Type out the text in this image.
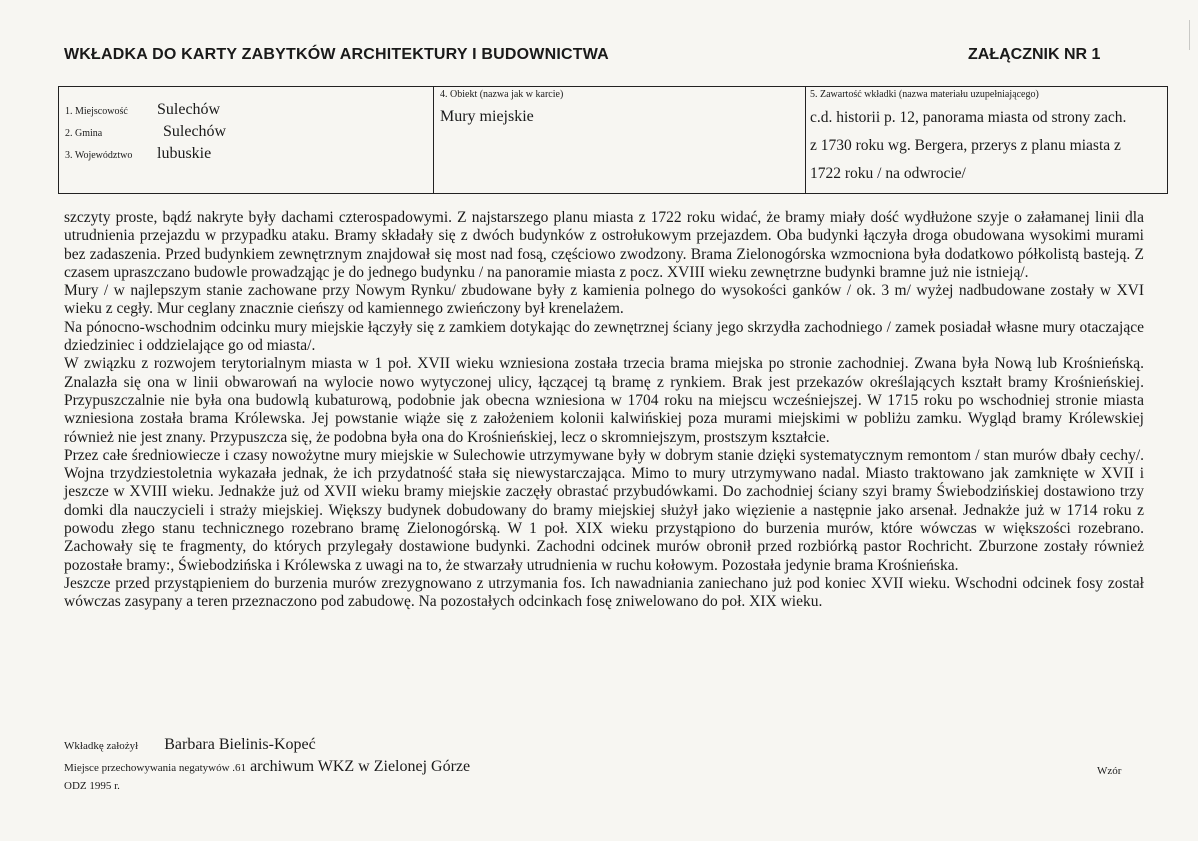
WKŁADKA DO KARTY ZABYTKÓW ARCHITEKTURY I BUDOWNICTWA	ZAŁĄCZNIK NR 1
1. Miejscowość	Sulechów
2. Gmina	Sulechów
3. Województwo	lubuskie
4. Obiekt (nazwa jak w karcie)
Mury miejskie
5. Zawartość wkładki (nazwa materiału uzupełniającego)
c.d. historii p. 12, panorama miasta od strony zach.
z 1730 roku wg. Bergera, przerys z planu miasta z
1722 roku / na odwrocie/

szczyty proste, bądź nakryte były dachami czterospadowymi. Z najstarszego planu miasta z 1722 roku widać, że bramy miały dość wydłużone szyje o załamanej linii dla utrudnienia przejazdu w przypadku ataku. Bramy składały się z dwóch budynków z ostrołukowym przejazdem. Oba budynki łączyła droga obudowana wysokimi murami bez zadaszenia. Przed budynkiem zewnętrznym znajdował się most nad fosą, częściowo zwodzony. Brama Zielonogórska wzmocniona była dodatkowo półkolistą basteją. Z czasem upraszczano budowle prowadząjąc je do jednego budynku / na panoramie miasta z pocz. XVIII wieku zewnętrzne budynki bramne już nie istnieją/.

Mury / w najlepszym stanie zachowane przy Nowym Rynku/ zbudowane były z kamienia polnego do wysokości ganków / ok. 3 m/ wyżej nadbudowane zostały w XVI wieku z cegły. Mur ceglany znacznie cieńszy od kamiennego zwieńczony był krenelażem.

Na pónocno-wschodnim odcinku mury miejskie łączyły się z zamkiem dotykając do zewnętrznej ściany jego skrzydła zachodniego / zamek posiadał własne mury otaczające dziedziniec i oddzielające go od miasta/.

W związku z rozwojem terytorialnym miasta w 1 poł. XVII wieku wzniesiona została trzecia brama miejska po stronie zachodniej. Zwana była Nową lub Krośnieńską. Znalazła się ona w linii obwarowań na wylocie nowo wytyczonej ulicy, łączącej tą bramę z rynkiem. Brak jest przekazów określających kształt bramy Krośnieńskiej. Przypuszczalnie nie była ona budowlą kubaturową, podobnie jak obecna wzniesiona w 1704 roku na miejscu wcześniejszej. W 1715 roku po wschodniej stronie miasta wzniesiona została brama Królewska. Jej powstanie wiąże się z założeniem kolonii kalwińskiej poza murami miejskimi w pobliżu zamku. Wygląd bramy Królewskiej również nie jest znany. Przypuszcza się, że podobna była ona do Krośnieńskiej, lecz o skromniejszym, prostszym kształcie.

Przez całe średniowiecze i czasy nowożytne mury miejskie w Sulechowie utrzymywane były w dobrym stanie dzięki systematycznym remontom / stan murów dbały cechy/. Wojna trzydziestoletnia wykazała jednak, że ich przydatność stała się niewystarczająca. Mimo to mury utrzymywano nadal. Miasto traktowano jak zamknięte w XVII i jeszcze w XVIII wieku. Jednakże już od XVII wieku bramy miejskie zaczęły obrastać przybudówkami. Do zachodniej ściany szyi bramy Świebodzińskiej dostawiono trzy domki dla nauczycieli i straży miejskiej. Większy budynek dobudowany do bramy miejskiej służył jako więzienie a następnie jako arsenał. Jednakże już w 1714 roku z powodu złego stanu technicznego rozebrano bramę Zielonogórską. W 1 poł. XIX wieku przystąpiono do burzenia murów, które wówczas w większości rozebrano. Zachowały się te fragmenty, do których przylegały dostawione budynki. Zachodni odcinek murów obronił przed rozbiórką pastor Rochricht. Zburzone zostały również pozostałe bramy:, Świebodzińska i Królewska z uwagi na to, że stwarzały utrudnienia w ruchu kołowym. Pozostała jedynie brama Krośnieńska.

Jeszcze przed przystąpieniem do burzenia murów zrezygnowano z utrzymania fos. Ich nawadniania zaniechano już pod koniec XVII wieku. Wschodni odcinek fosy został wówczas zasypany a teren przeznaczono pod zabudowę. Na pozostałych odcinkach fosę zniwelowano do poł. XIX wieku.

Wkładkę założył Barbara Bielinis-Kopeć
Miejsce przechowywania negatywów .61 archiwum WKZ w Zielonej Górze
ODZ 1995 r.
Wzór
